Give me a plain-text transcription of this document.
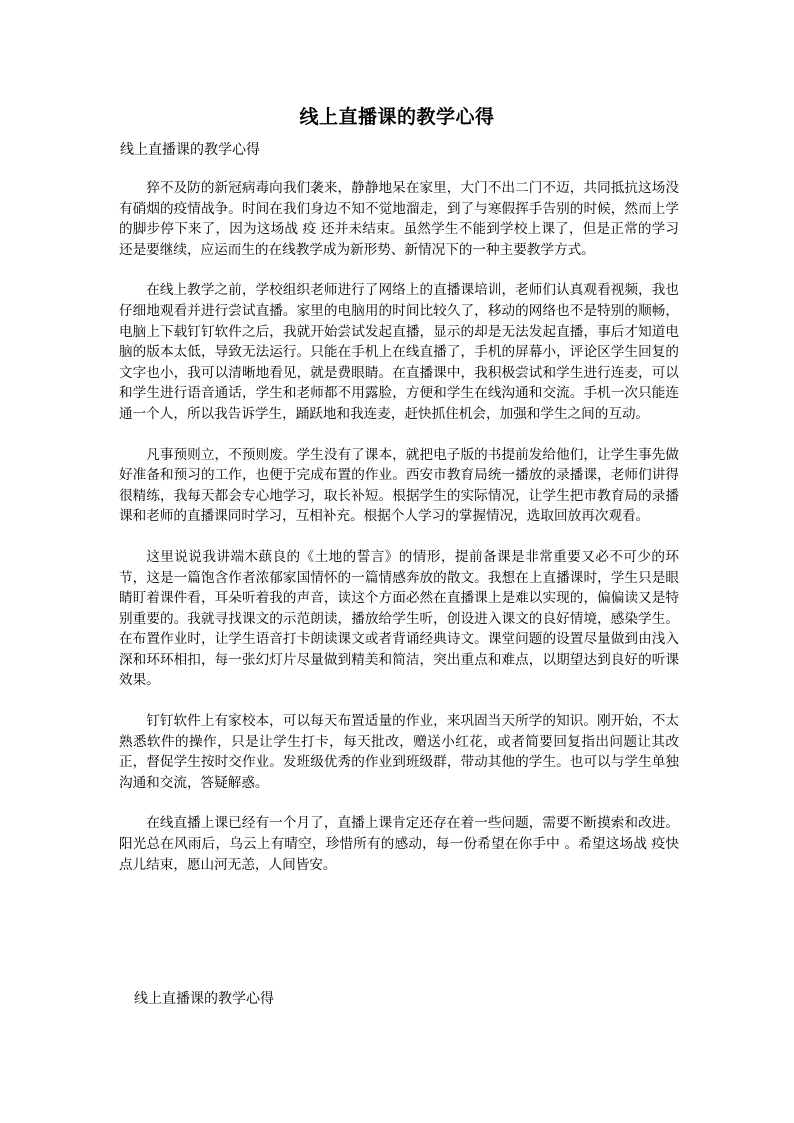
线上直播课的教学心得
线上直播课的教学心得

猝不及防的新冠病毒向我们袭来，静静地呆在家里，大门不出二门不迈，共同抵抗这场没有硝烟的疫情战争。时间在我们身边不知不觉地溜走，到了与寒假挥手告别的时候，然而上学的脚步停下来了，因为这场战 疫 还并未结束。虽然学生不能到学校上课了，但是正常的学习还是要继续，应运而生的在线教学成为新形势、新情况下的一种主要教学方式。

在线上教学之前，学校组织老师进行了网络上的直播课培训，老师们认真观看视频，我也仔细地观看并进行尝试直播。家里的电脑用的时间比较久了，移动的网络也不是特别的顺畅，电脑上下载钉钉软件之后，我就开始尝试发起直播，显示的却是无法发起直播，事后才知道电脑的版本太低，导致无法运行。只能在手机上在线直播了，手机的屏幕小，评论区学生回复的文字也小，我可以清晰地看见，就是费眼睛。在直播课中，我积极尝试和学生进行连麦，可以和学生进行语音通话，学生和老师都不用露脸，方便和学生在线沟通和交流。手机一次只能连通一个人，所以我告诉学生，踊跃地和我连麦，赶快抓住机会，加强和学生之间的互动。

凡事预则立，不预则废。学生没有了课本，就把电子版的书提前发给他们，让学生事先做好准备和预习的工作，也便于完成布置的作业。西安市教育局统一播放的录播课，老师们讲得很精练，我每天都会专心地学习，取长补短。根据学生的实际情况，让学生把市教育局的录播课和老师的直播课同时学习，互相补充。根据个人学习的掌握情况，选取回放再次观看。

这里说说我讲端木蕻良的《土地的誓言》的情形，提前备课是非常重要又必不可少的环节，这是一篇饱含作者浓郁家国情怀的一篇情感奔放的散文。我想在上直播课时，学生只是眼睛盯着课件看，耳朵听着我的声音，读这个方面必然在直播课上是难以实现的，偏偏读又是特别重要的。我就寻找课文的示范朗读，播放给学生听，创设进入课文的良好情境，感染学生。在布置作业时，让学生语音打卡朗读课文或者背诵经典诗文。课堂问题的设置尽量做到由浅入深和环环相扣，每一张幻灯片尽量做到精美和简洁，突出重点和难点，以期望达到良好的听课效果。

钉钉软件上有家校本，可以每天布置适量的作业，来巩固当天所学的知识。刚开始，不太熟悉软件的操作，只是让学生打卡，每天批改，赠送小红花，或者简要回复指出问题让其改正，督促学生按时交作业。发班级优秀的作业到班级群，带动其他的学生。也可以与学生单独沟通和交流，答疑解惑。

在线直播上课已经有一个月了，直播上课肯定还存在着一些问题，需要不断摸索和改进。阳光总在风雨后，乌云上有晴空，珍惜所有的感动，每一份希望在你手中 。希望这场战 疫快点儿结束，愿山河无恙，人间皆安。

线上直播课的教学心得
